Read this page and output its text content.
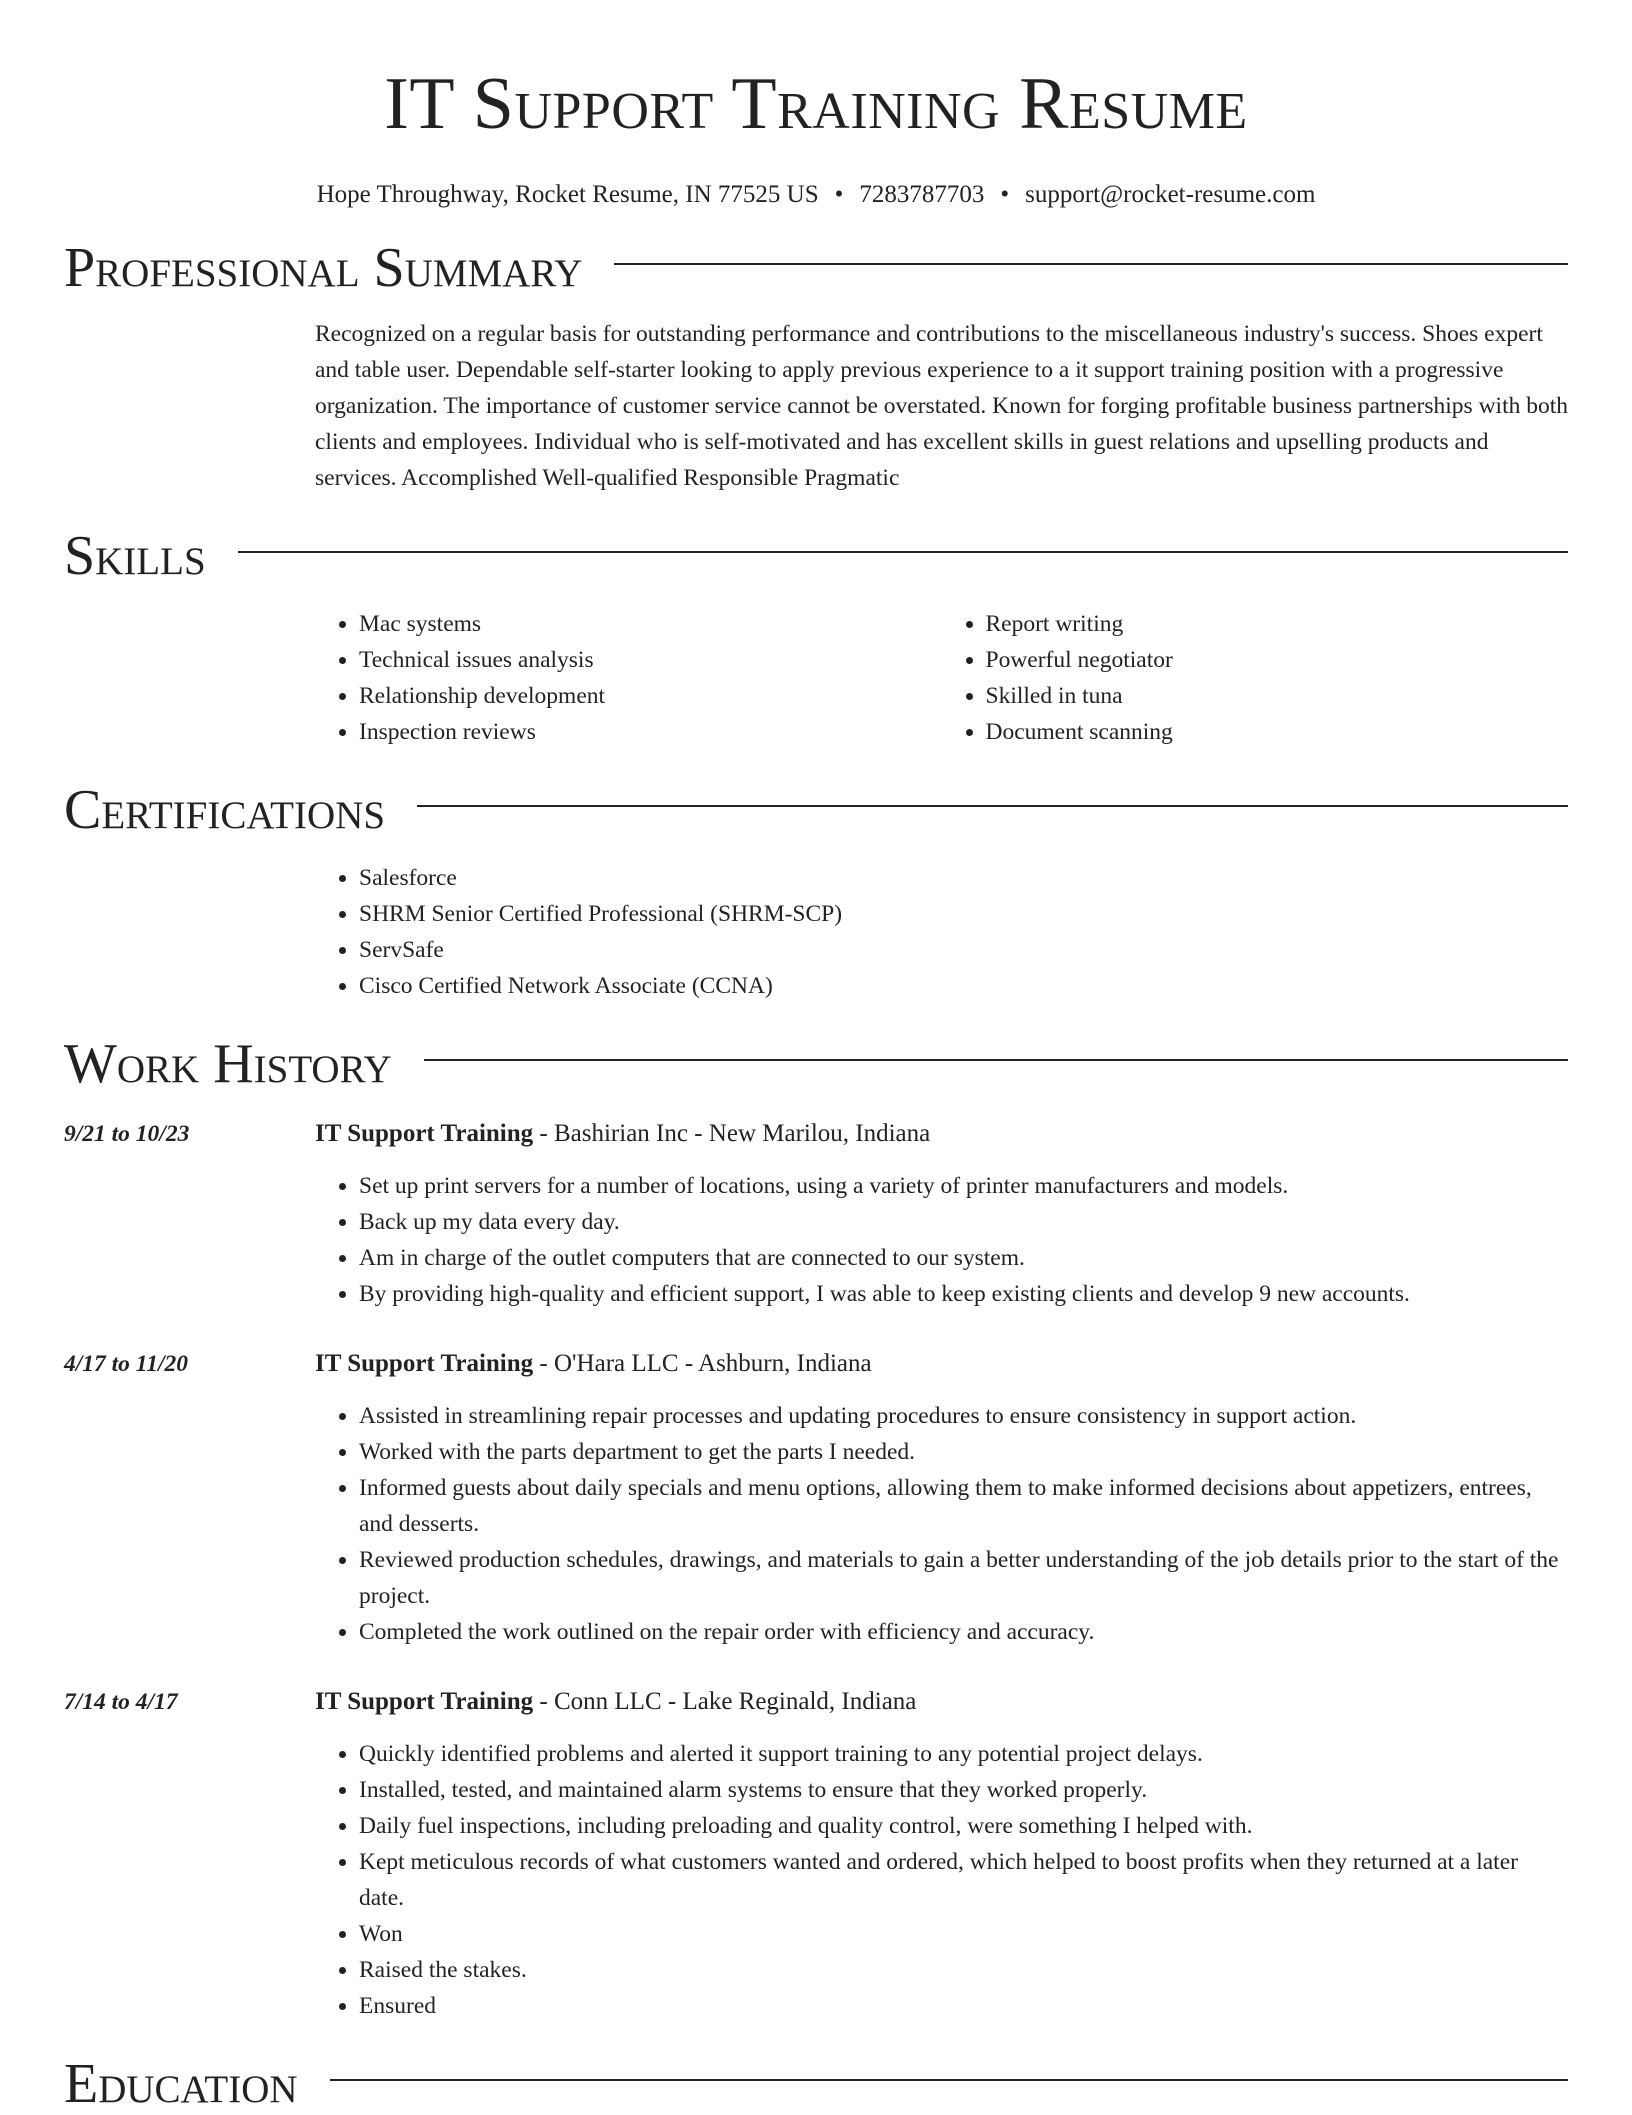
IT Support Training Resume
Hope Throughway, Rocket Resume, IN 77525 US • 7283787703 • support@rocket-resume.com
Professional Summary
Recognized on a regular basis for outstanding performance and contributions to the miscellaneous industry's success. Shoes expert and table user. Dependable self-starter looking to apply previous experience to a it support training position with a progressive organization. The importance of customer service cannot be overstated. Known for forging profitable business partnerships with both clients and employees. Individual who is self-motivated and has excellent skills in guest relations and upselling products and services. Accomplished Well-qualified Responsible Pragmatic
Skills
• Mac systems
• Technical issues analysis
• Relationship development
• Inspection reviews
• Report writing
• Powerful negotiator
• Skilled in tuna
• Document scanning
Certifications
• Salesforce
• SHRM Senior Certified Professional (SHRM-SCP)
• ServSafe
• Cisco Certified Network Associate (CCNA)
Work History
9/21 to 10/23	IT Support Training - Bashirian Inc - New Marilou, Indiana
• Set up print servers for a number of locations, using a variety of printer manufacturers and models.
• Back up my data every day.
• Am in charge of the outlet computers that are connected to our system.
• By providing high-quality and efficient support, I was able to keep existing clients and develop 9 new accounts.
4/17 to 11/20	IT Support Training - O'Hara LLC - Ashburn, Indiana
• Assisted in streamlining repair processes and updating procedures to ensure consistency in support action.
• Worked with the parts department to get the parts I needed.
• Informed guests about daily specials and menu options, allowing them to make informed decisions about appetizers, entrees, and desserts.
• Reviewed production schedules, drawings, and materials to gain a better understanding of the job details prior to the start of the project.
• Completed the work outlined on the repair order with efficiency and accuracy.
7/14 to 4/17	IT Support Training - Conn LLC - Lake Reginald, Indiana
• Quickly identified problems and alerted it support training to any potential project delays.
• Installed, tested, and maintained alarm systems to ensure that they worked properly.
• Daily fuel inspections, including preloading and quality control, were something I helped with.
• Kept meticulous records of what customers wanted and ordered, which helped to boost profits when they returned at a later date.
• Won
• Raised the stakes.
• Ensured
Education
